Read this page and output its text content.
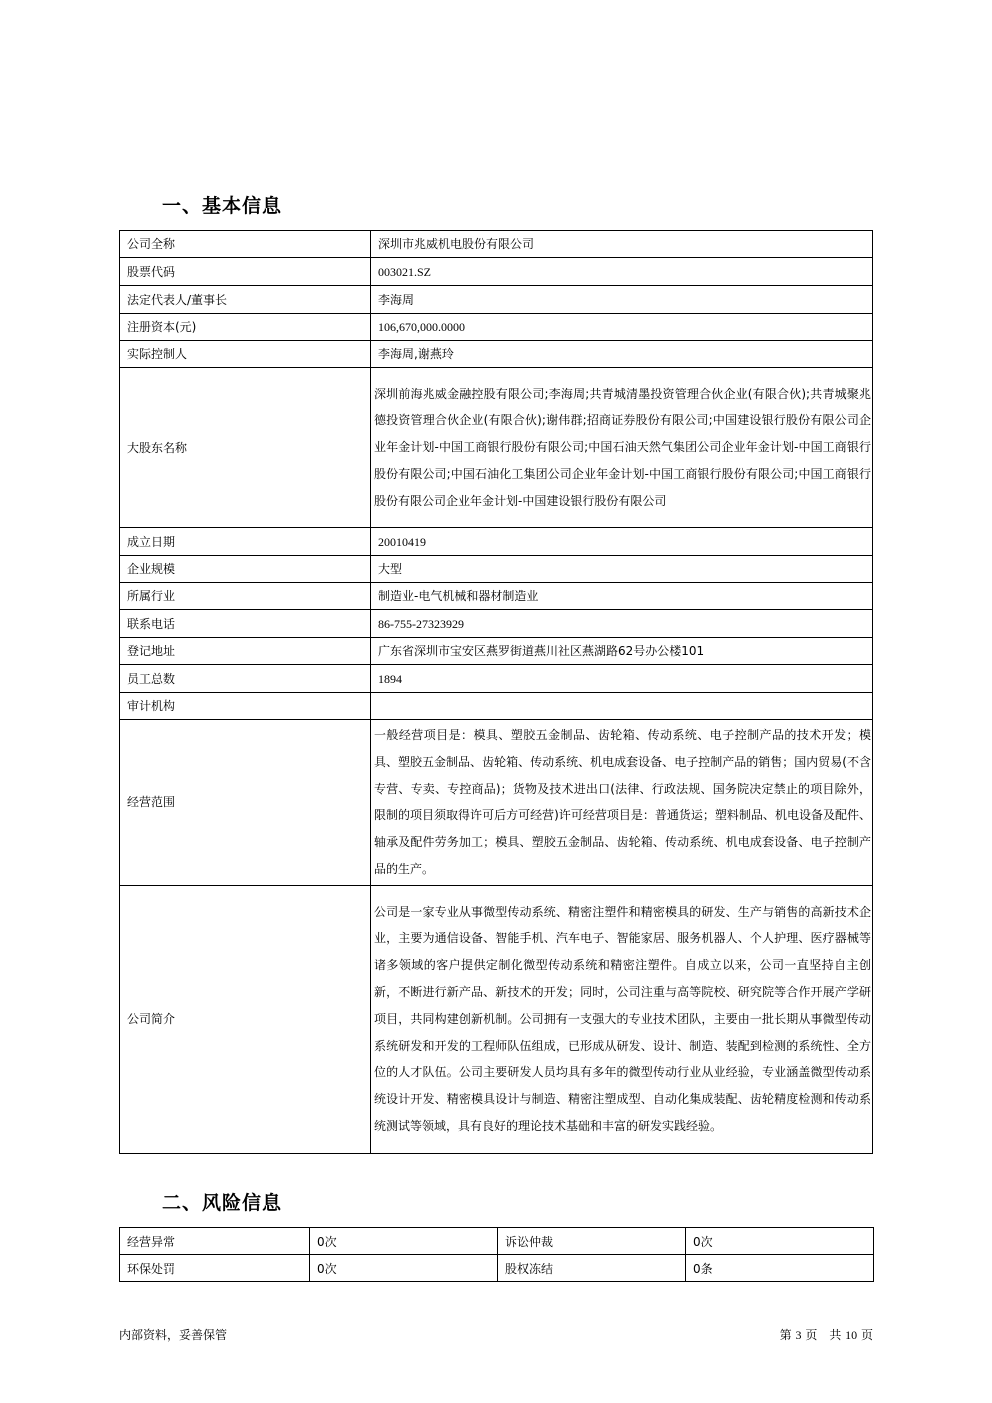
一、基本信息
公司全称	深圳市兆威机电股份有限公司
股票代码	003021.SZ
法定代表人/董事长	李海周
注册资本(元)	106,670,000.0000
实际控制人	李海周,谢燕玲
大股东名称	深圳前海兆威金融控股有限公司;李海周;共青城清墨投资管理合伙企业(有限合伙);共青城聚兆德投资管理合伙企业(有限合伙);谢伟群;招商证券股份有限公司;中国建设银行股份有限公司企业年金计划-中国工商银行股份有限公司;中国石油天然气集团公司企业年金计划-中国工商银行股份有限公司;中国石油化工集团公司企业年金计划-中国工商银行股份有限公司;中国工商银行股份有限公司企业年金计划-中国建设银行股份有限公司
成立日期	20010419
企业规模	大型
所属行业	制造业-电气机械和器材制造业
联系电话	86-755-27323929
登记地址	广东省深圳市宝安区燕罗街道燕川社区燕湖路62号办公楼101
员工总数	1894
审计机构	
经营范围	一般经营项目是：模具、塑胶五金制品、齿轮箱、传动系统、电子控制产品的技术开发；模具、塑胶五金制品、齿轮箱、传动系统、机电成套设备、电子控制产品的销售；国内贸易(不含专营、专卖、专控商品)；货物及技术进出口(法律、行政法规、国务院决定禁止的项目除外，限制的项目须取得许可后方可经营)许可经营项目是：普通货运；塑料制品、机电设备及配件、轴承及配件劳务加工；模具、塑胶五金制品、齿轮箱、传动系统、机电成套设备、电子控制产品的生产。
公司简介	公司是一家专业从事微型传动系统、精密注塑件和精密模具的研发、生产与销售的高新技术企业，主要为通信设备、智能手机、汽车电子、智能家居、服务机器人、个人护理、医疗器械等诸多领域的客户提供定制化微型传动系统和精密注塑件。自成立以来，公司一直坚持自主创新，不断进行新产品、新技术的开发；同时，公司注重与高等院校、研究院等合作开展产学研项目，共同构建创新机制。公司拥有一支强大的专业技术团队，主要由一批长期从事微型传动系统研发和开发的工程师队伍组成，已形成从研发、设计、制造、装配到检测的系统性、全方位的人才队伍。公司主要研发人员均具有多年的微型传动行业从业经验，专业涵盖微型传动系统设计开发、精密模具设计与制造、精密注塑成型、自动化集成装配、齿轮精度检测和传动系统测试等领域，具有良好的理论技术基础和丰富的研发实践经验。
二、风险信息
经营异常	0次	诉讼仲裁	0次
环保处罚	0次	股权冻结	0条
内部资料，妥善保管	第 3 页　共 10 页
